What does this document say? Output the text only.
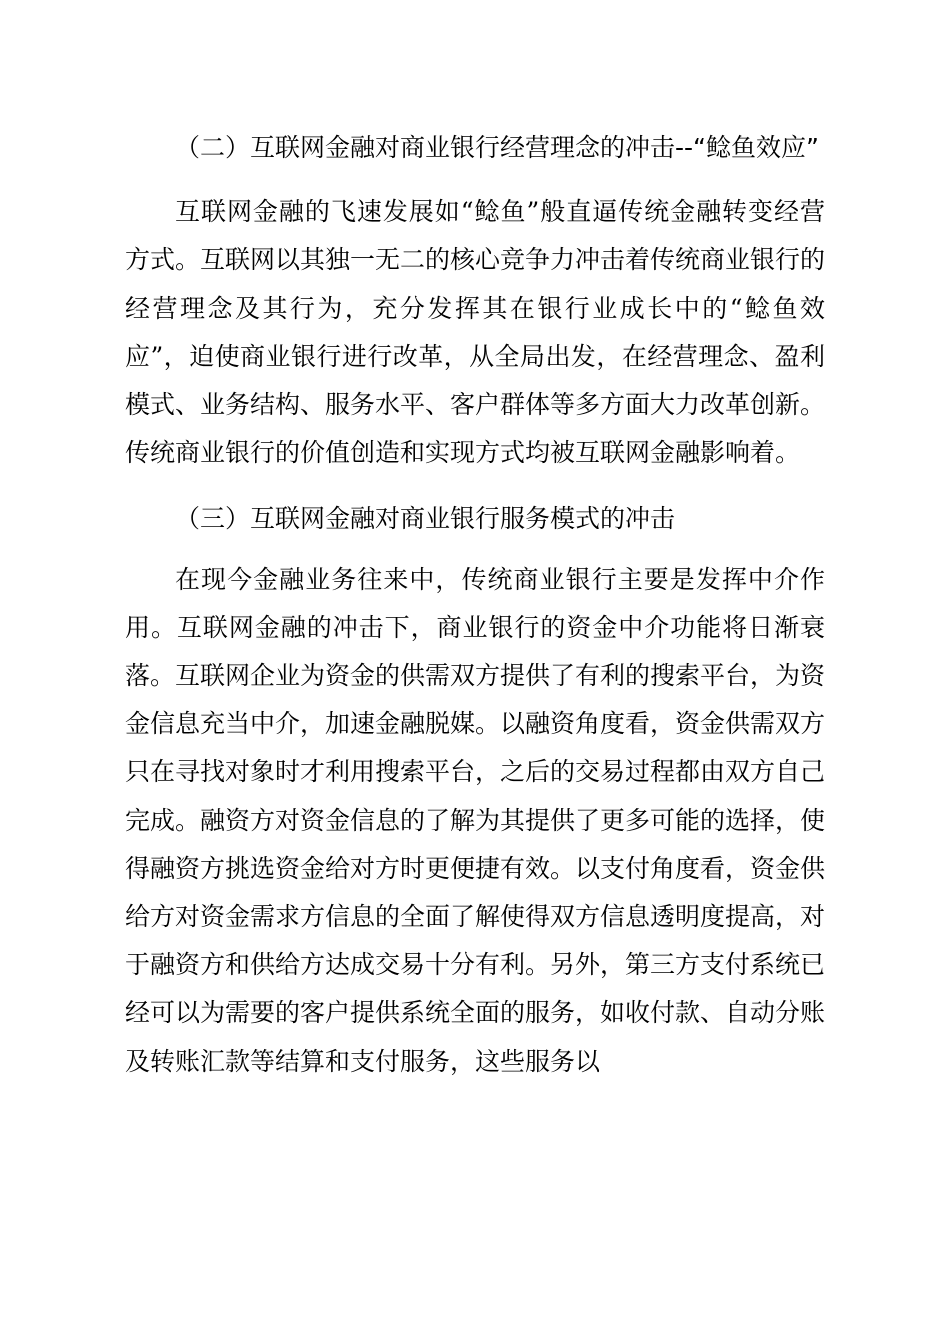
（二）互联网金融对商业银行经营理念的冲击--“鲶鱼效应”

互联网金融的飞速发展如“鲶鱼”般直逼传统金融转变经营方式。互联网以其独一无二的核心竞争力冲击着传统商业银行的经营理念及其行为，充分发挥其在银行业成长中的“鲶鱼效应”，迫使商业银行进行改革，从全局出发，在经营理念、盈利模式、业务结构、服务水平、客户群体等多方面大力改革创新。传统商业银行的价值创造和实现方式均被互联网金融影响着。

（三）互联网金融对商业银行服务模式的冲击

在现今金融业务往来中，传统商业银行主要是发挥中介作用。互联网金融的冲击下，商业银行的资金中介功能将日渐衰落。互联网企业为资金的供需双方提供了有利的搜索平台，为资金信息充当中介，加速金融脱媒。以融资角度看，资金供需双方只在寻找对象时才利用搜索平台，之后的交易过程都由双方自己完成。融资方对资金信息的了解为其提供了更多可能的选择，使得融资方挑选资金给对方时更便捷有效。以支付角度看，资金供给方对资金需求方信息的全面了解使得双方信息透明度提高，对于融资方和供给方达成交易十分有利。另外，第三方支付系统已经可以为需要的客户提供系统全面的服务，如收付款、自动分账及转账汇款等结算和支付服务，这些服务以
